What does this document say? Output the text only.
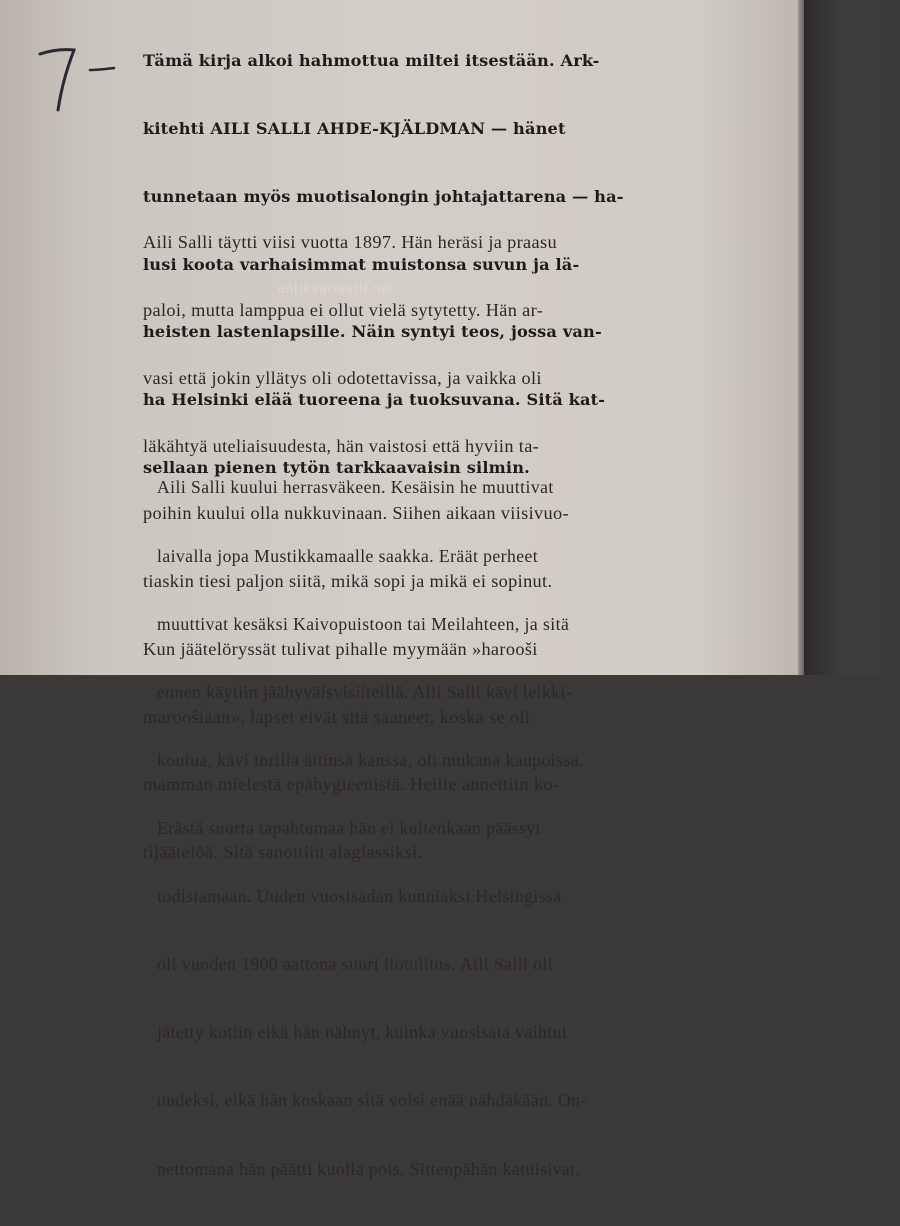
Tämä kirja alkoi hahmottua miltei itsestään. Ark-

kitehti AILI SALLI AHDE-KJÄLDMAN — hänet

tunnetaan myös muotisalongin johtajattarena — ha-

lusi koota varhaisimmat muistonsa suvun ja lä-

heisten lastenlapsille. Näin syntyi teos, jossa van-

ha Helsinki elää tuoreena ja tuoksuvana. Sitä kat-

sellaan pienen tytön tarkkaavaisin silmin.

Aili Salli täytti viisi vuotta 1897. Hän heräsi ja praasu

paloi, mutta lamppua ei ollut vielä sytytetty. Hän ar-

vasi että jokin yllätys oli odotettavissa, ja vaikka oli

läkähtyä uteliaisuudesta, hän vaistosi että hyviin ta-

poihin kuului olla nukkuvinaan. Siihen aikaan viisivuo-

tiaskin tiesi paljon siitä, mikä sopi ja mikä ei sopinut.

Kun jäätelöryssät tulivat pihalle myymään »harooši

marooŝiaan», lapset eivät sitä saaneet, koska se oli

mamman mielestä epähygieenistä. Heille annettiin ko-

tijäätelöä. Sitä sanottiin alaglassiksi.

antikvariaatti.net

Aili Salli kuului herrasväkeen. Kesäisin he muuttivat

laivalla jopa Mustikkamaalle saakka. Eräät perheet

muuttivat kesäksi Kaivopuistoon tai Meilahteen, ja sitä

ennen käytiin jäähyväisvisiiteillä. Aili Salli kävi leikki-

koulua, kävi torilla äitinsä kanssa, oli mukana kaupoissa.

Erästä suurta tapahtumaa hän ei kuitenkaan päässyt

todistamaan. Uuden vuosisadan kunniaksi Helsingissä

oli vuoden 1900 aattona suuri ilotulitus. Aili Salli oli

jätetty kotiin eikä hän nähnyt, kuinka vuosisata vaihtui

uudeksi, eikä hän koskaan sitä voisi enää nähdäkään. On-

nettomana hän päätti kuolla pois. Sittenpähän katuisivat.
